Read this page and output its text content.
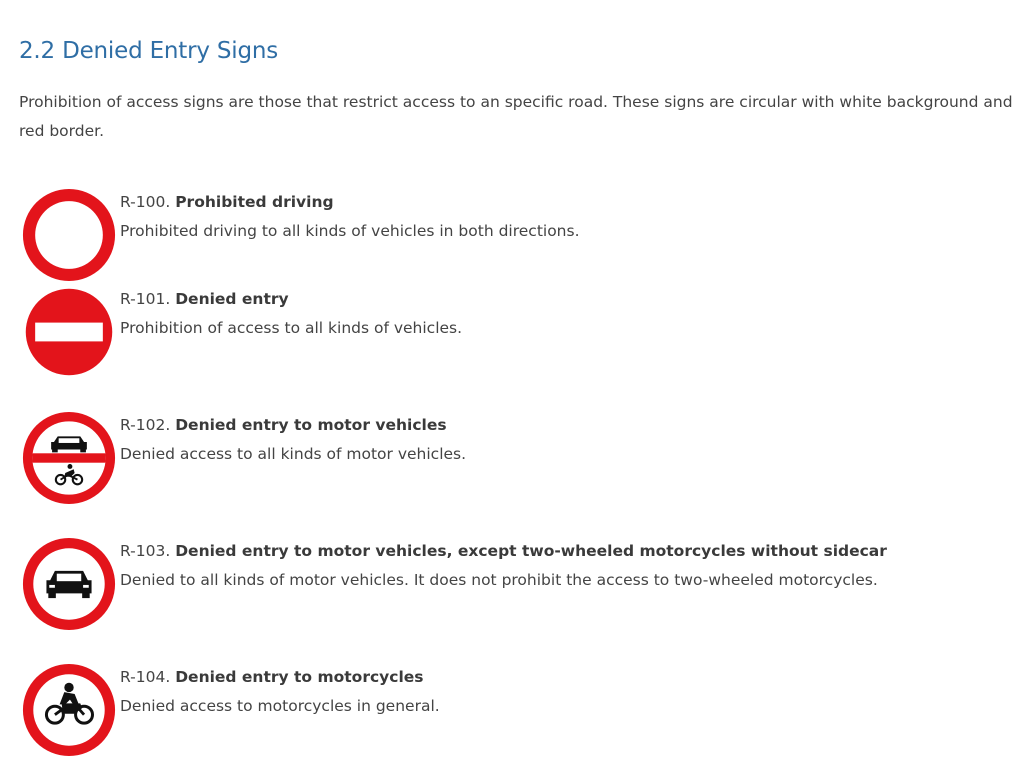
2.2 Denied Entry Signs

Prohibition of access signs are those that restrict access to an specific road. These signs are circular with white background and red border.

R-100. Prohibited driving
Prohibited driving to all kinds of vehicles in both directions.
R-101. Denied entry
Prohibition of access to all kinds of vehicles.
R-102. Denied entry to motor vehicles
Denied access to all kinds of motor vehicles.
R-103. Denied entry to motor vehicles, except two-wheeled motorcycles without sidecar
Denied to all kinds of motor vehicles. It does not prohibit the access to two-wheeled motorcycles.
R-104. Denied entry to motorcycles
Denied access to motorcycles in general.
